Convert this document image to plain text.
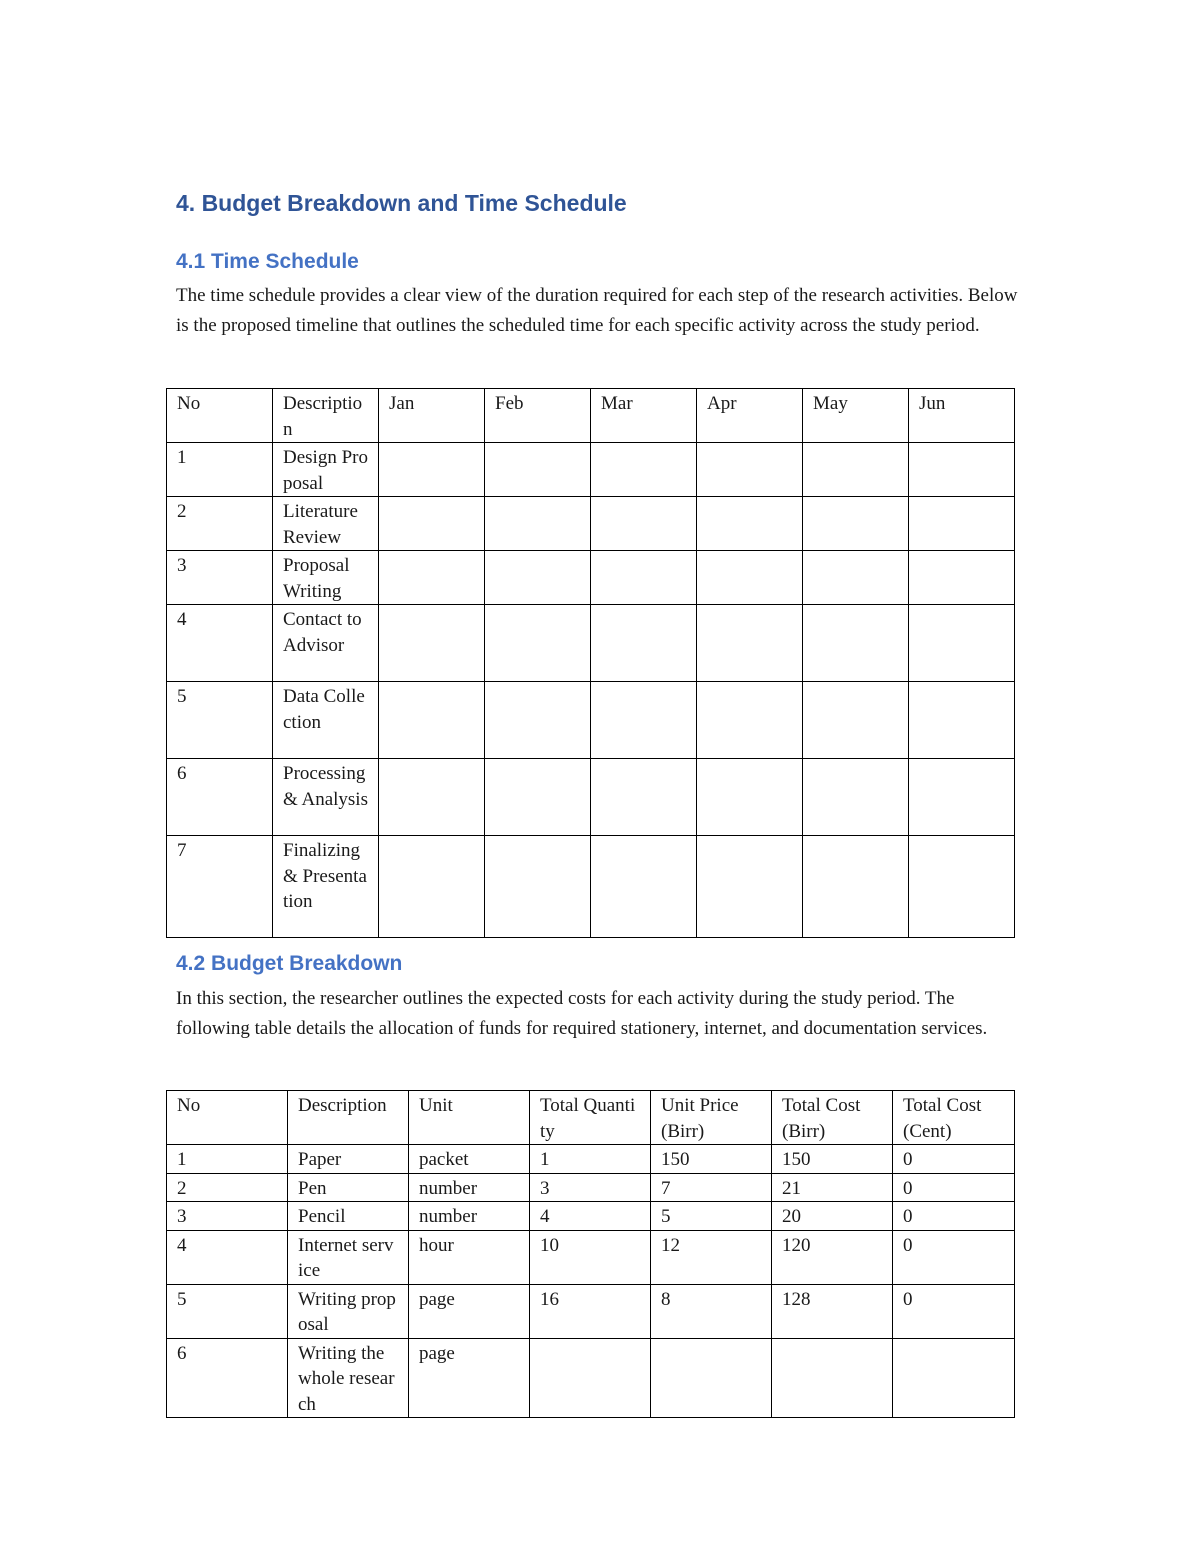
4. Budget Breakdown and Time Schedule
4.1 Time Schedule

The time schedule provides a clear view of the duration required for each step of the research activities. Below is the proposed timeline that outlines the scheduled time for each specific activity across the study period.

No	Description	Jan	Feb	Mar	Apr	May	Jun
1	Design Proposal						
2	Literature Review						
3	Proposal Writing						
4	Contact to Advisor						
5	Data Collection						
6	Processing & Analysis						
7	Finalizing & Presentation						
4.2 Budget Breakdown

In this section, the researcher outlines the expected costs for each activity during the study period. The following table details the allocation of funds for required stationery, internet, and documentation services.

No	Description	Unit	Total Quantity	Unit Price (Birr)	Total Cost (Birr)	Total Cost (Cent)
1	Paper	packet	1	150	150	0
2	Pen	number	3	7	21	0
3	Pencil	number	4	5	20	0
4	Internet service	hour	10	12	120	0
5	Writing proposal	page	16	8	128	0
6	Writing the whole research	page				
